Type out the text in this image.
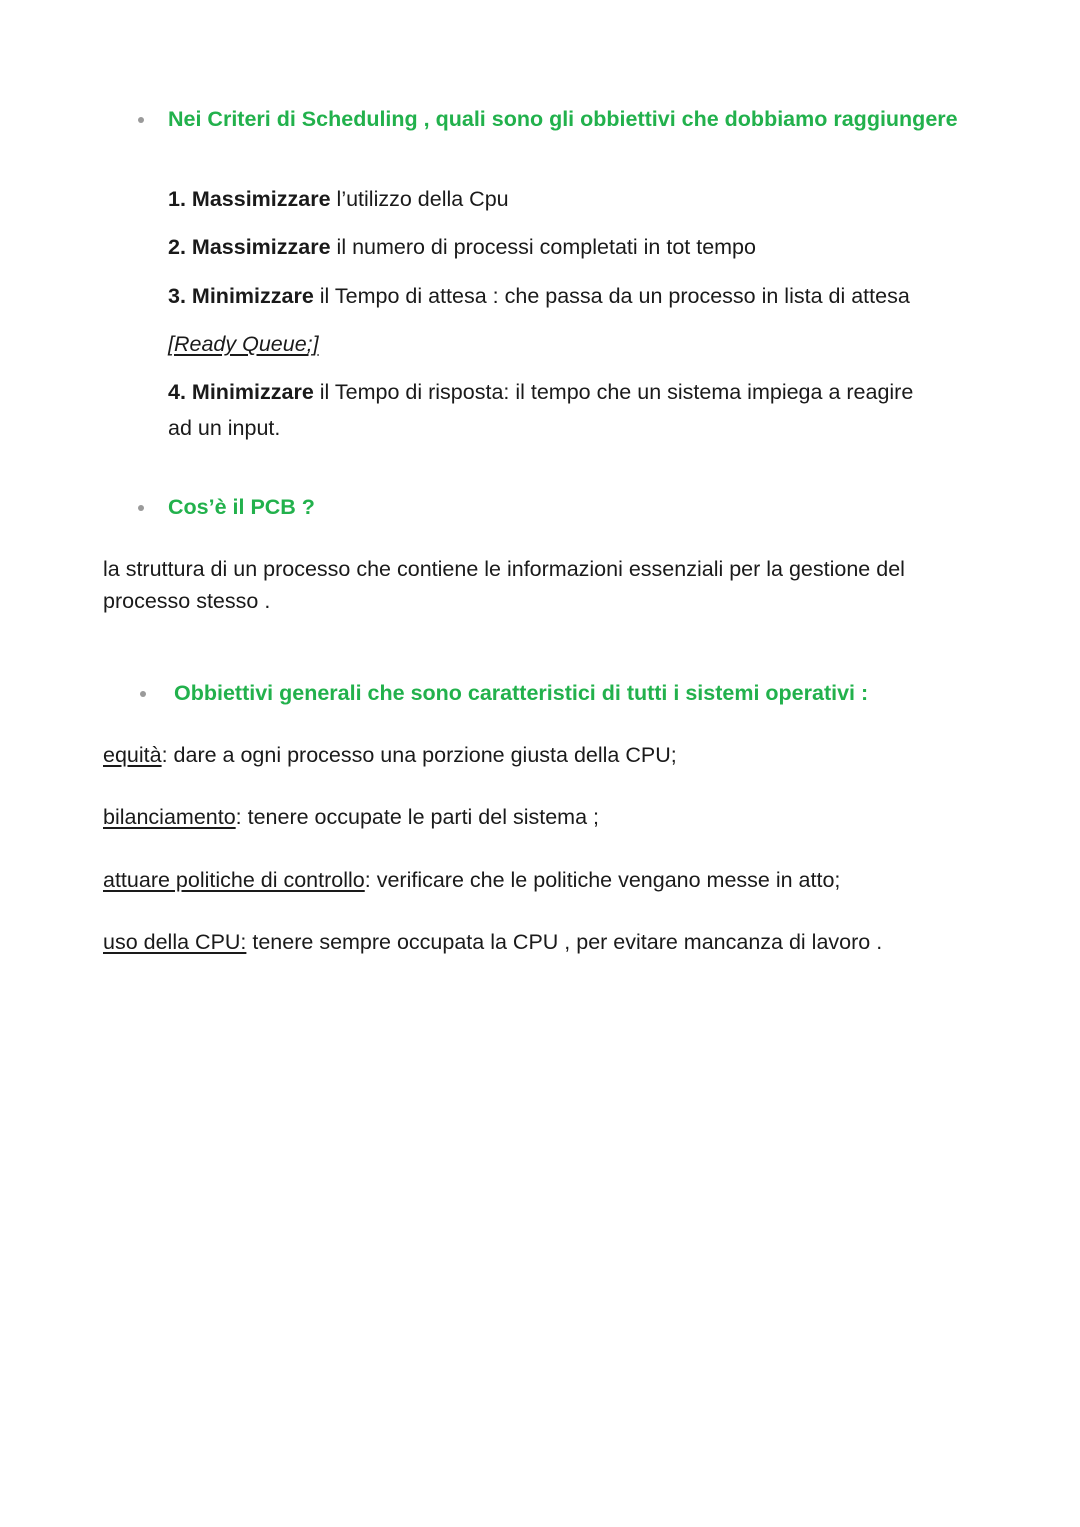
Nei Criteri di Scheduling , quali sono gli obbiettivi che dobbiamo raggiungere
1. Massimizzare l’utilizzo della Cpu
2. Massimizzare il numero di processi completati in tot tempo
3. Minimizzare il Tempo di attesa : che passa da un processo in lista di attesa
[Ready Queue;]
4. Minimizzare il Tempo di risposta: il tempo che un sistema impiega a reagire
ad un input.
Cos’è il PCB ?
la struttura di un processo che contiene le informazioni essenziali per la gestione del
processo stesso .
Obbiettivi generali che sono caratteristici di tutti i sistemi operativi :
equità: dare a ogni processo una porzione giusta della CPU;
bilanciamento: tenere occupate le parti del sistema ;
attuare politiche di controllo: verificare che le politiche vengano messe in atto;
uso della CPU: tenere sempre occupata la CPU , per evitare mancanza di lavoro .
